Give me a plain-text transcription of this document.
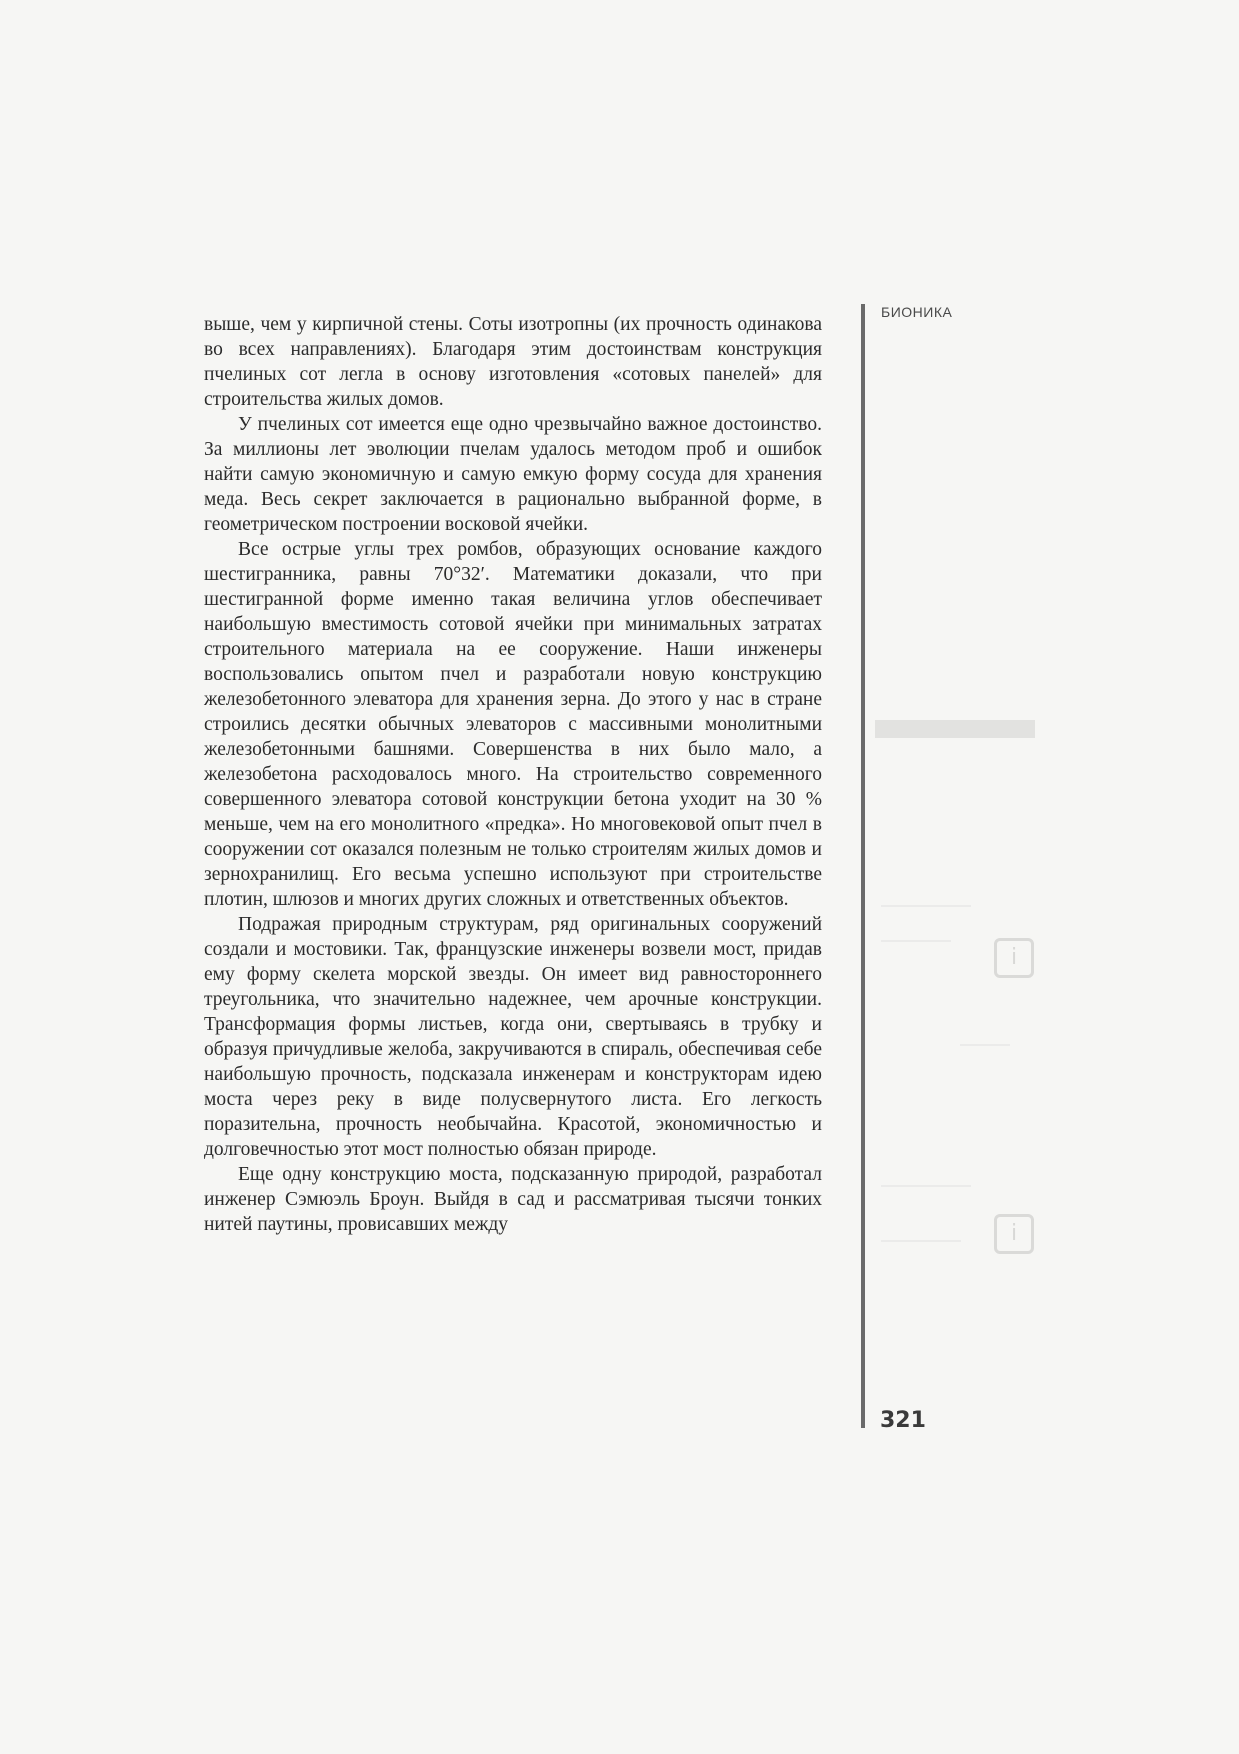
выше, чем у кирпичной стены. Соты изотропны (их прочность одинакова во всех направлениях). Благодаря этим достоинствам конструкция пчелиных сот легла в основу изготовления «сотовых панелей» для строительства жилых домов.

У пчелиных сот имеется еще одно чрезвычайно важное достоинство. За миллионы лет эволюции пчелам удалось методом проб и ошибок найти самую экономичную и самую емкую форму сосуда для хранения меда. Весь секрет заключается в рационально выбранной форме, в геометрическом построении восковой ячейки.

Все острые углы трех ромбов, образующих основание каждого шестигранника, равны 70°32′. Математики доказали, что при шестигранной форме именно такая величина углов обеспечивает наибольшую вместимость сотовой ячейки при минимальных затратах строительного материала на ее сооружение. Наши инженеры воспользовались опытом пчел и разработали новую конструкцию железобетонного элеватора для хранения зерна. До этого у нас в стране строились десятки обычных элеваторов с массивными монолитными железобетонными башнями. Совершенства в них было мало, а железобетона расходовалось много. На строительство современного совершенного элеватора сотовой конструкции бетона уходит на 30 % меньше, чем на его монолитного «предка». Но многовековой опыт пчел в сооружении сот оказался полезным не только строителям жилых домов и зернохранилищ. Его весьма успешно используют при строительстве плотин, шлюзов и многих других сложных и ответственных объектов.

Подражая природным структурам, ряд оригинальных сооружений создали и мостовики. Так, французские инженеры возвели мост, придав ему форму скелета морской звезды. Он имеет вид равностороннего треугольника, что значительно надежнее, чем арочные конструкции. Трансформация формы листьев, когда они, свертываясь в трубку и образуя причудливые желоба, закручиваются в спираль, обеспечивая себе наибольшую прочность, подсказала инженерам и конструкторам идею моста через реку в виде полусвернутого листа. Его легкость поразительна, прочность необычайна. Красотой, экономичностью и долговечностью этот мост полностью обязан природе.

Еще одну конструкцию моста, подсказанную природой, разработал инженер Сэмюэль Броун. Выйдя в сад и рассматривая тысячи тонких нитей паутины, провисавших между

БИОНИКА
i
i
321
